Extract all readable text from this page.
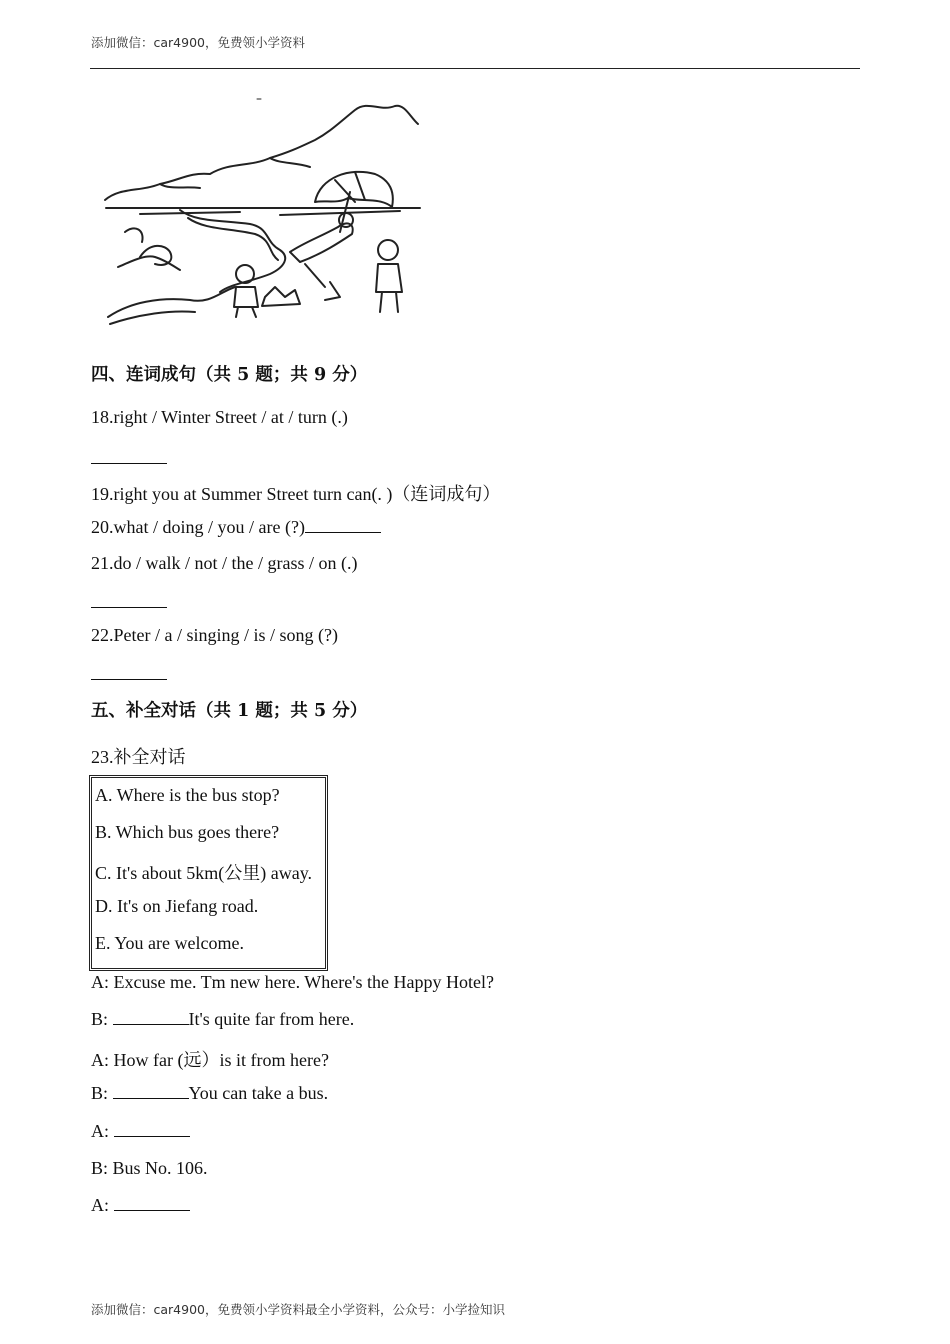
添加微信：car4900，免费领小学资料
四、连词成句（共 5 题；共 9 分）
18.right / Winter Street / at / turn (.)
19.right you at Summer Street turn can(. )（连词成句）
20.what / doing / you / are (?)
21.do / walk / not / the / grass / on (.)
22.Peter / a / singing / is / song (?)
五、补全对话（共 1 题；共 5 分）
23.补全对话
A. Where is the bus stop?
B. Which bus goes there?
C. It's about 5km(公里) away.
D. It's on Jiefang road.
E. You are welcome.
A: Excuse me. Tm new here. Where's the Happy Hotel?
B:	It's quite far from here.
A: How far (远）is it from here?
B:	You can take a bus.
A:
B: Bus No. 106.
A:
添加微信：car4900，免费领小学资料最全小学资料，公众号：小学捡知识
